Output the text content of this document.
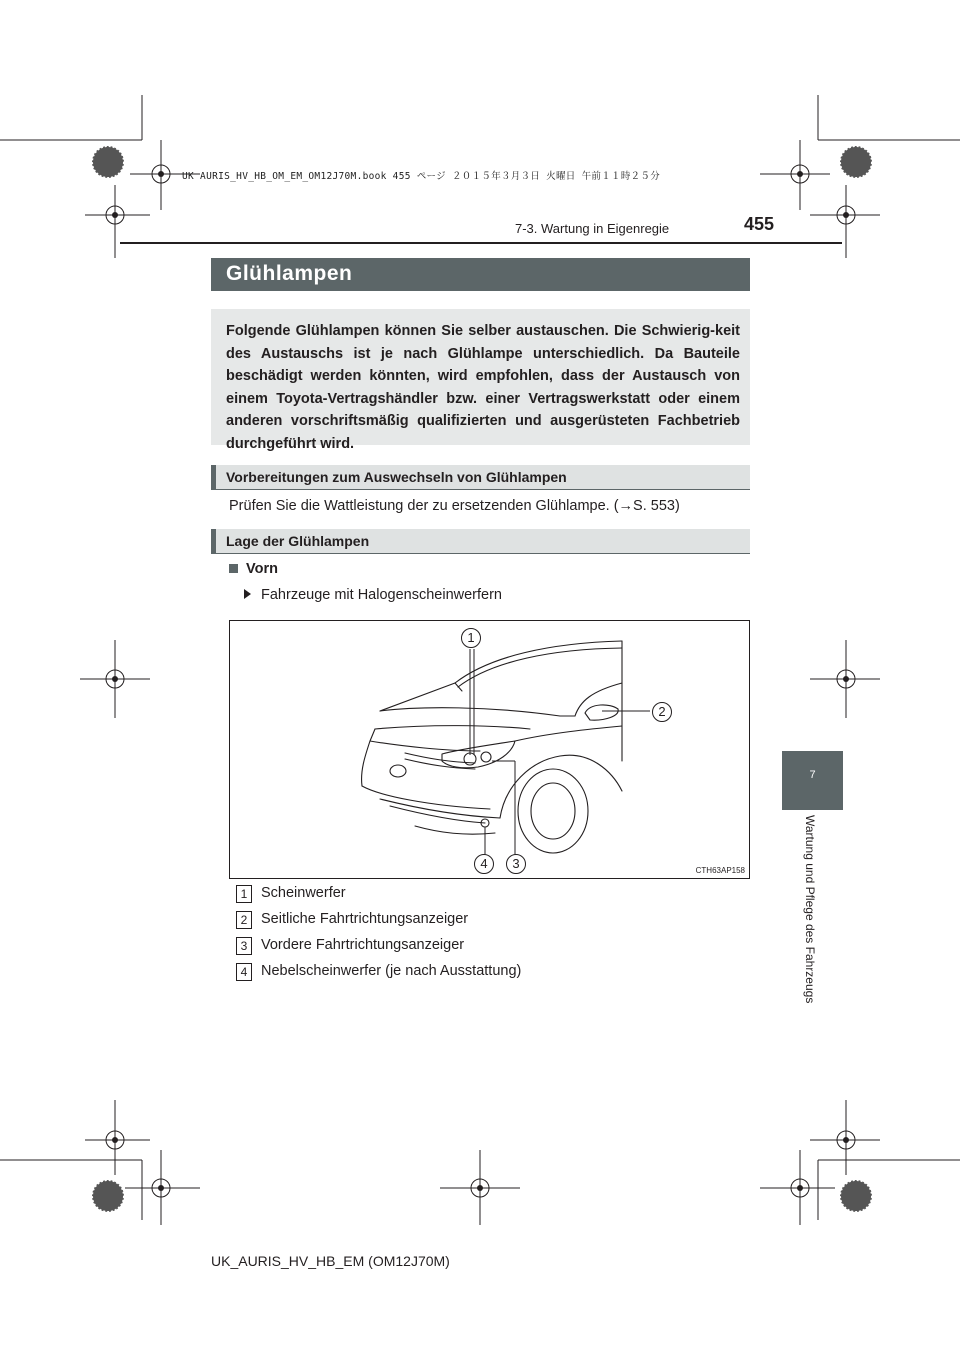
UK AURIS_HV_HB_OM_EM_OM12J70M.book 455 ページ ２０１５年３月３日 火曜日 午前１１時２５分
7-3. Wartung in Eigenregie	455
7
Wartung und Pflege des Fahrzeugs
Glühlampen

Folgende Glühlampen können Sie selber austauschen. Die Schwierig-keit des Austauschs ist je nach Glühlampe unterschiedlich. Da Bauteile beschädigt werden könnten, wird empfohlen, dass der Austausch von einem Toyota-Vertragshändler bzw. einer Vertragswerkstatt oder einem anderen vorschriftsmäßig qualifizierten und ausgerüsteten Fachbetrieb durchgeführt wird.

Vorbereitungen zum Auswechseln von Glühlampen
Prüfen Sie die Wattleistung der zu ersetzenden Glühlampe. (→S. 553)
Lage der Glühlampen
Vorn
Fahrzeuge mit Halogenscheinwerfern
1
2
3
4	CTH63AP158
1 Scheinwerfer
2 Seitliche Fahrtrichtungsanzeiger
3 Vordere Fahrtrichtungsanzeiger
4 Nebelscheinwerfer (je nach Ausstattung)
UK_AURIS_HV_HB_EM (OM12J70M)
